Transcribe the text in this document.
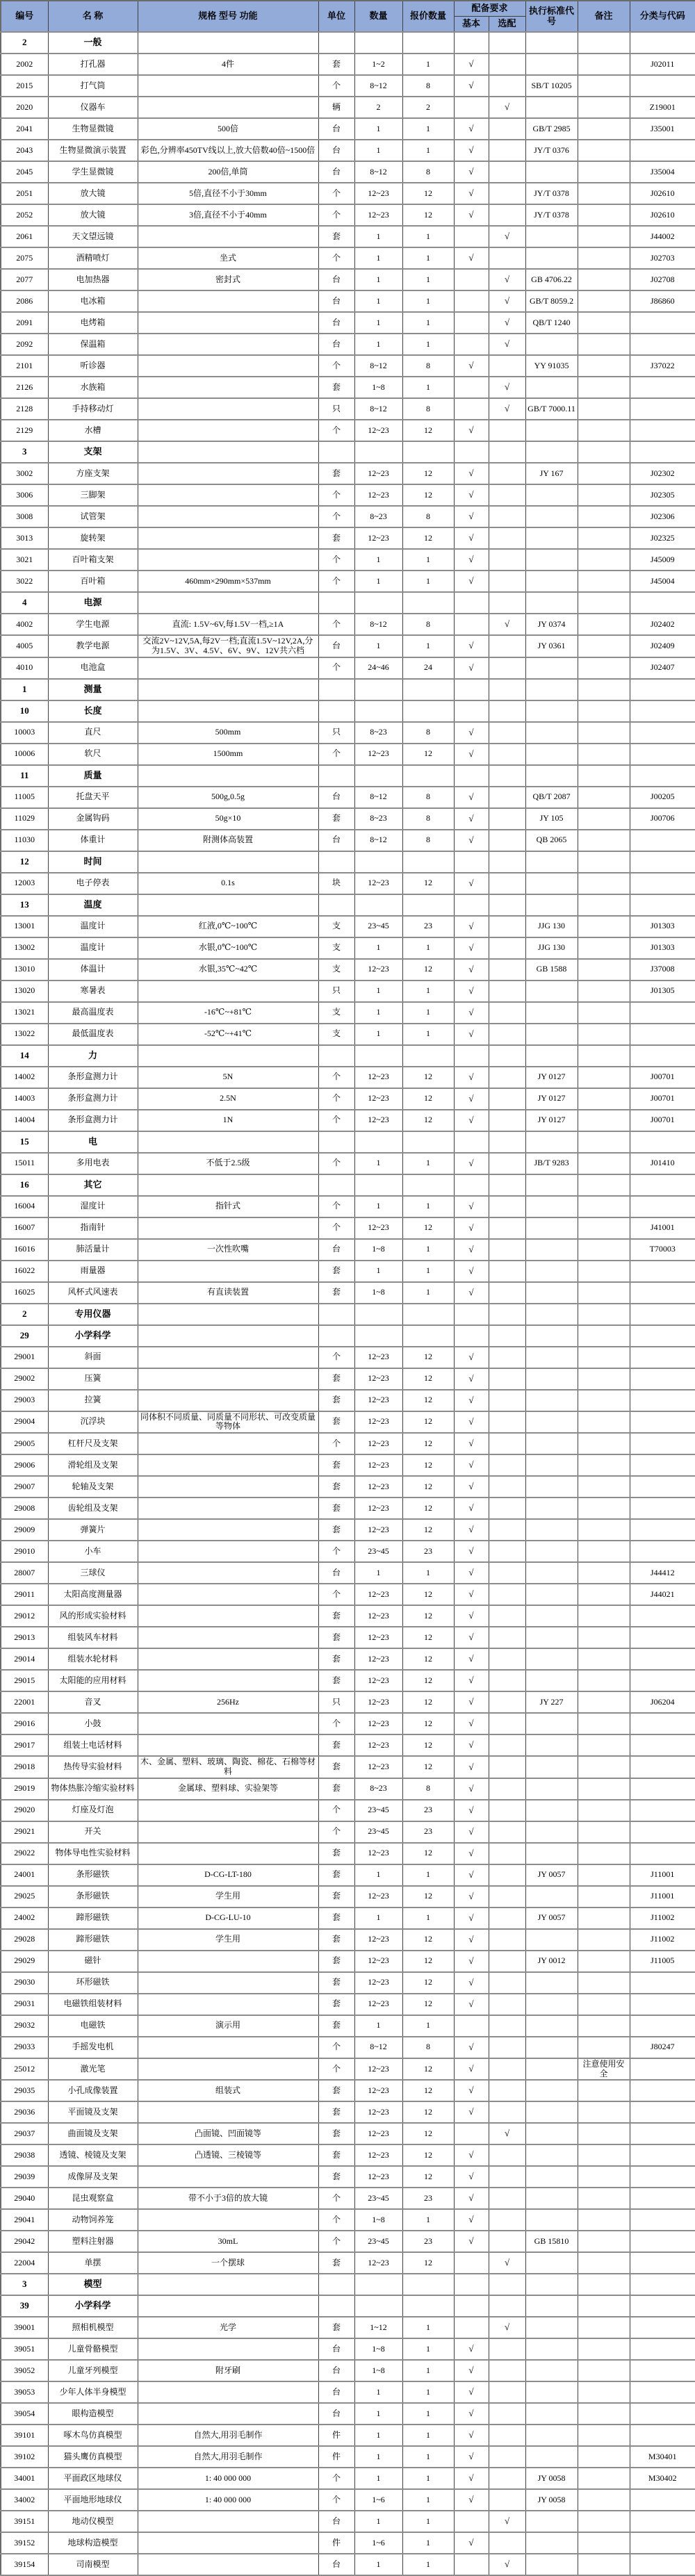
编号	名 称	规格 型号 功能	单位	数量	报价数量	配备要求		执行标准代号	备注	分类与代码
						基本	选配			
2	一般									
2002	打孔器	4件	套	1~2	1	√				J02011
2015	打气筒		个	8~12	8	√		SB/T 10205		
2020	仪器车		辆	2	2		√			Z19001
2041	生物显微镜	500倍	台	1	1	√		GB/T 2985		J35001
2043	生物显微演示装置	彩色,分辨率450TV线以上,放大倍数40倍~1500倍	台	1	1	√		JY/T 0376		
2045	学生显微镜	200倍,单筒	台	8~12	8	√				J35004
2051	放大镜	5倍,直径不小于30mm	个	12~23	12	√		JY/T 0378		J02610
2052	放大镜	3倍,直径不小于40mm	个	12~23	12	√		JY/T 0378		J02610
2061	天文望远镜		套	1	1		√			J44002
2075	酒精喷灯	坐式	个	1	1	√				J02703
2077	电加热器	密封式	台	1	1		√	GB 4706.22		J02708
2086	电冰箱		台	1	1		√	GB/T 8059.2		J86860
2091	电烤箱		台	1	1		√	QB/T 1240		
2092	保温箱		台	1	1		√			
2101	听诊器		个	8~12	8	√		YY 91035		J37022
2126	水族箱		套	1~8	1		√			
2128	手持移动灯		只	8~12	8		√	GB/T 7000.11		
2129	水槽		个	12~23	12	√				
3	支架									
3002	方座支架		套	12~23	12	√		JY 167		J02302
3006	三脚架		个	12~23	12	√				J02305
3008	试管架		个	8~23	8	√				J02306
3013	旋转架		套	12~23	12	√				J02325
3021	百叶箱支架		个	1	1	√				J45009
3022	百叶箱	460mm×290mm×537mm	个	1	1	√				J45004
4	电源									
4002	学生电源	直流: 1.5V~6V,每1.5V一档,≥1A	个	8~12	8		√	JY 0374		J02402
4005	教学电源	交流2V~12V,5A,每2V一档;直流1.5V~12V,2A,分为1.5V、3V、4.5V、6V、9V、12V共六档	台	1	1	√		JY 0361		J02409
4010	电池盒		个	24~46	24	√				J02407
1	测量									
10	长度									
10003	直尺	500mm	只	8~23	8	√				
10006	软尺	1500mm	个	12~23	12	√				
11	质量									
11005	托盘天平	500g,0.5g	台	8~12	8	√		QB/T 2087		J00205
11029	金属钩码	50g×10	套	8~23	8	√		JY 105		J00706
11030	体重计	附测体高装置	台	8~12	8	√		QB 2065		
12	时间									
12003	电子停表	0.1s	块	12~23	12	√				
13	温度									
13001	温度计	红液,0℃~100℃	支	23~45	23	√		JJG 130		J01303
13002	温度计	水银,0℃~100℃	支	1	1	√		JJG 130		J01303
13010	体温计	水银,35℃~42℃	支	12~23	12	√		GB 1588		J37008
13020	寒暑表		只	1	1	√				J01305
13021	最高温度表	-16℃~+81℃	支	1	1	√				
13022	最低温度表	-52℃~+41℃	支	1	1	√				
14	力									
14002	条形盒测力计	5N	个	12~23	12	√		JY 0127		J00701
14003	条形盒测力计	2.5N	个	12~23	12	√		JY 0127		J00701
14004	条形盒测力计	1N	个	12~23	12	√		JY 0127		J00701
15	电									
15011	多用电表	不低于2.5级	个	1	1	√		JB/T 9283		J01410
16	其它									
16004	湿度计	指针式	个	1	1	√				
16007	指南针		个	12~23	12	√				J41001
16016	肺活量计	一次性吹嘴	台	1~8	1	√				T70003
16022	雨量器		套	1	1	√				
16025	风杯式风速表	有直读装置	套	1~8	1	√				
2	专用仪器									
29	小学科学									
29001	斜面		个	12~23	12	√				
29002	压簧		套	12~23	12	√				
29003	拉簧		套	12~23	12	√				
29004	沉浮块	同体积不同质量、同质量不同形状、可改变质量等物体	套	12~23	12	√				
29005	杠杆尺及支架		个	12~23	12	√				
29006	滑轮组及支架		套	12~23	12	√				
29007	轮轴及支架		套	12~23	12	√				
29008	齿轮组及支架		套	12~23	12	√				
29009	弹簧片		套	12~23	12	√				
29010	小车		个	23~45	23	√				
28007	三球仪		台	1	1	√				J44412
29011	太阳高度测量器		个	12~23	12	√				J44021
29012	风的形成实验材料		套	12~23	12	√				
29013	组装风车材料		套	12~23	12	√				
29014	组装水轮材料		套	12~23	12	√				
29015	太阳能的应用材料		套	12~23	12	√				
22001	音叉	256Hz	只	12~23	12	√		JY 227		J06204
29016	小鼓		个	12~23	12	√				
29017	组装土电话材料		套	12~23	12	√				
29018	热传导实验材料	木、金属、塑料、玻璃、陶瓷、棉花、石棉等材料	套	12~23	12	√				
29019	物体热胀冷缩实验材料	金属球、塑料球、实验架等	套	8~23	8	√				
29020	灯座及灯泡		个	23~45	23	√				
29021	开关		个	23~45	23	√				
29022	物体导电性实验材料		套	12~23	12	√				
24001	条形磁铁	D-CG-LT-180	套	1	1	√		JY 0057		J11001
29025	条形磁铁	学生用	套	12~23	12	√				J11001
24002	蹄形磁铁	D-CG-LU-10	套	1	1	√		JY 0057		J11002
29028	蹄形磁铁	学生用	套	12~23	12	√				J11002
29029	磁针		套	12~23	12	√		JY 0012		J11005
29030	环形磁铁		套	12~23	12	√				
29031	电磁铁组装材料		套	12~23	12	√				
29032	电磁铁	演示用	套	1	1					
29033	手摇发电机		个	8~12	8	√				J80247
25012	激光笔		个	12~23	12	√			注意使用安全	
29035	小孔成像装置	组装式	套	12~23	12	√				
29036	平面镜及支架		套	12~23	12	√				
29037	曲面镜及支架	凸面镜、凹面镜等	套	12~23	12		√			
29038	透镜、棱镜及支架	凸透镜、三棱镜等	套	12~23	12	√				
29039	成像屏及支架		套	12~23	12	√				
29040	昆虫观察盒	带不小于3倍的放大镜	个	23~45	23	√				
29041	动物饲养笼		个	1~8	1	√				
29042	塑料注射器	30mL	个	23~45	23	√		GB 15810		
22004	单摆	一个摆球	套	12~23	12		√			
3	模型									
39	小学科学									
39001	照相机模型	光学	套	1~12	1		√			
39051	儿童骨骼模型		台	1~8	1	√				
39052	儿童牙列模型	附牙刷	台	1~8	1	√				
39053	少年人体半身模型		台	1	1	√				
39054	眼构造模型		台	1	1	√				
39101	啄木鸟仿真模型	自然大,用羽毛制作	件	1	1	√				
39102	猫头鹰仿真模型	自然大,用羽毛制作	件	1	1	√				M30401
34001	平面政区地球仪	1: 40 000 000	个	1	1	√		JY 0058		M30402
34002	平面地形地球仪	1: 40 000 000	个	1~6	1	√		JY 0058		
39151	地动仪模型		台	1	1		√			
39152	地球构造模型		件	1~6	1	√				
39154	司南模型		台	1	1		√			
